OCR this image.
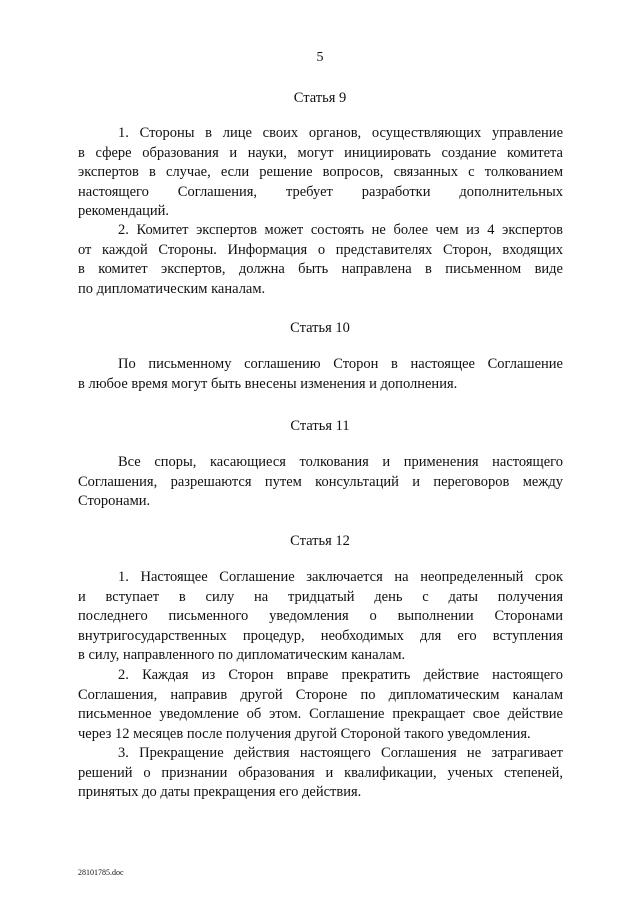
5
Статья 9
1. Стороны в лице своих органов, осуществляющих управление
в сфере образования и науки, могут инициировать создание комитета
экспертов в случае, если решение вопросов, связанных с толкованием
настоящего Соглашения, требует разработки дополнительных
рекомендаций.
2. Комитет экспертов может состоять не более чем из 4 экспертов
от каждой Стороны. Информация о представителях Сторон, входящих
в комитет экспертов, должна быть направлена в письменном виде
по дипломатическим каналам.
Статья 10
По письменному соглашению Сторон в настоящее Соглашение
в любое время могут быть внесены изменения и дополнения.
Статья 11
Все споры, касающиеся толкования и применения настоящего
Соглашения, разрешаются путем консультаций и переговоров между
Сторонами.
Статья 12
1. Настоящее Соглашение заключается на неопределенный срок
и вступает в силу на тридцатый день с даты получения
последнего письменного уведомления о выполнении Сторонами
внутригосударственных процедур, необходимых для его вступления
в силу, направленного по дипломатическим каналам.
2. Каждая из Сторон вправе прекратить действие настоящего
Соглашения, направив другой Стороне по дипломатическим каналам
письменное уведомление об этом. Соглашение прекращает свое действие
через 12 месяцев после получения другой Стороной такого уведомления.
3. Прекращение действия настоящего Соглашения не затрагивает
решений о признании образования и квалификации, ученых степеней,
принятых до даты прекращения его действия.
28101785.doc
